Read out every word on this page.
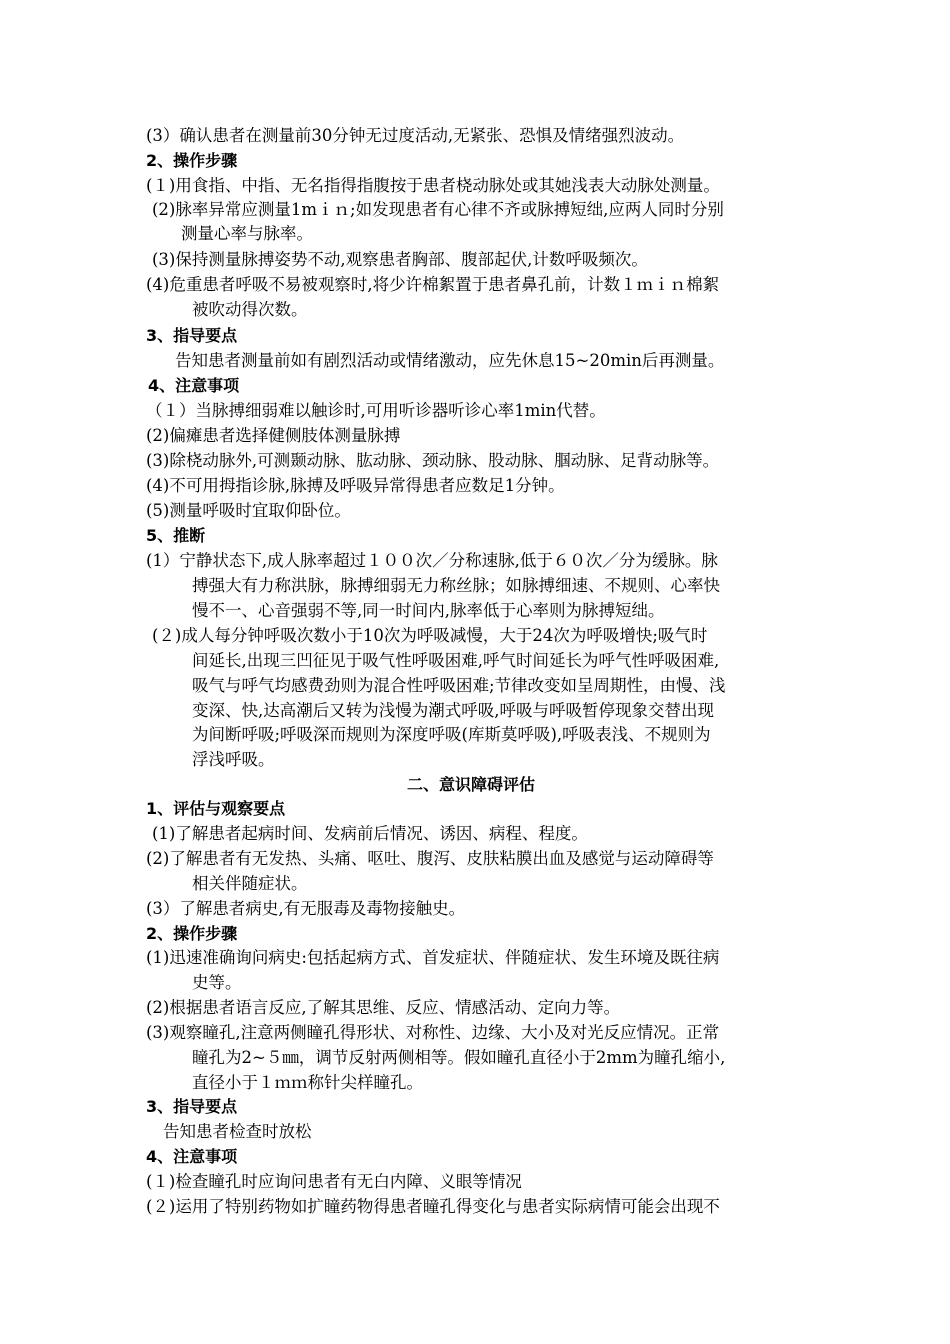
(3）确认患者在测量前30分钟无过度活动,无紧张、恐惧及情绪强烈波动。
2、操作步骤
(１)用食指、中指、无名指得指腹按于患者桡动脉处或其她浅表大动脉处测量。
(2)脉率异常应测量1mｉｎ;如发现患者有心律不齐或脉搏短绌,应两人同时分别
测量心率与脉率。
(3)保持测量脉搏姿势不动,观察患者胸部、腹部起伏,计数呼吸频次。
(4)危重患者呼吸不易被观察时,将少许棉絮置于患者鼻孔前，计数１ｍｉｎ棉絮
被吹动得次数。
3、指导要点
告知患者测量前如有剧烈活动或情绪激动，应先休息15~20min后再测量。
4、注意事项
（１）当脉搏细弱难以触诊时,可用听诊器听诊心率1min代替。
(2)偏瘫患者选择健侧肢体测量脉搏
(3)除桡动脉外,可测颞动脉、肱动脉、颈动脉、股动脉、腘动脉、足背动脉等。
(4)不可用拇指诊脉,脉搏及呼吸异常得患者应数足1分钟。
(5)测量呼吸时宜取仰卧位。
5、推断
(1）宁静状态下,成人脉率超过１００次／分称速脉,低于６０次／分为缓脉。脉
搏强大有力称洪脉，脉搏细弱无力称丝脉；如脉搏细速、不规则、心率快
慢不一、心音强弱不等,同一时间内,脉率低于心率则为脉搏短绌。
(２)成人每分钟呼吸次数小于10次为呼吸减慢，大于24次为呼吸增快;吸气时
间延长,出现三凹征见于吸气性呼吸困难,呼气时间延长为呼气性呼吸困难,
吸气与呼气均感费劲则为混合性呼吸困难;节律改变如呈周期性，由慢、浅
变深、快,达高潮后又转为浅慢为潮式呼吸,呼吸与呼吸暂停现象交替出现
为间断呼吸;呼吸深而规则为深度呼吸(库斯莫呼吸),呼吸表浅、不规则为
浮浅呼吸。
二、意识障碍评估
1、评估与观察要点
(1)了解患者起病时间、发病前后情况、诱因、病程、程度。
(2)了解患者有无发热、头痛、呕吐、腹泻、皮肤粘膜出血及感觉与运动障碍等
相关伴随症状。
(3）了解患者病史,有无服毒及毒物接触史。
2、操作步骤
(1)迅速准确询问病史:包括起病方式、首发症状、伴随症状、发生环境及既往病
史等。
(2)根据患者语言反应,了解其思维、反应、情感活动、定向力等。
(3)观察瞳孔,注意两侧瞳孔得形状、对称性、边缘、大小及对光反应情况。正常
瞳孔为2~５㎜，调节反射两侧相等。假如瞳孔直径小于2mm为瞳孔缩小,
直径小于１ｍｍ称针尖样瞳孔。
3、指导要点
告知患者检查时放松
4、注意事项
(１)检查瞳孔时应询问患者有无白内障、义眼等情况
(２)运用了特别药物如扩瞳药物得患者瞳孔得变化与患者实际病情可能会出现不
